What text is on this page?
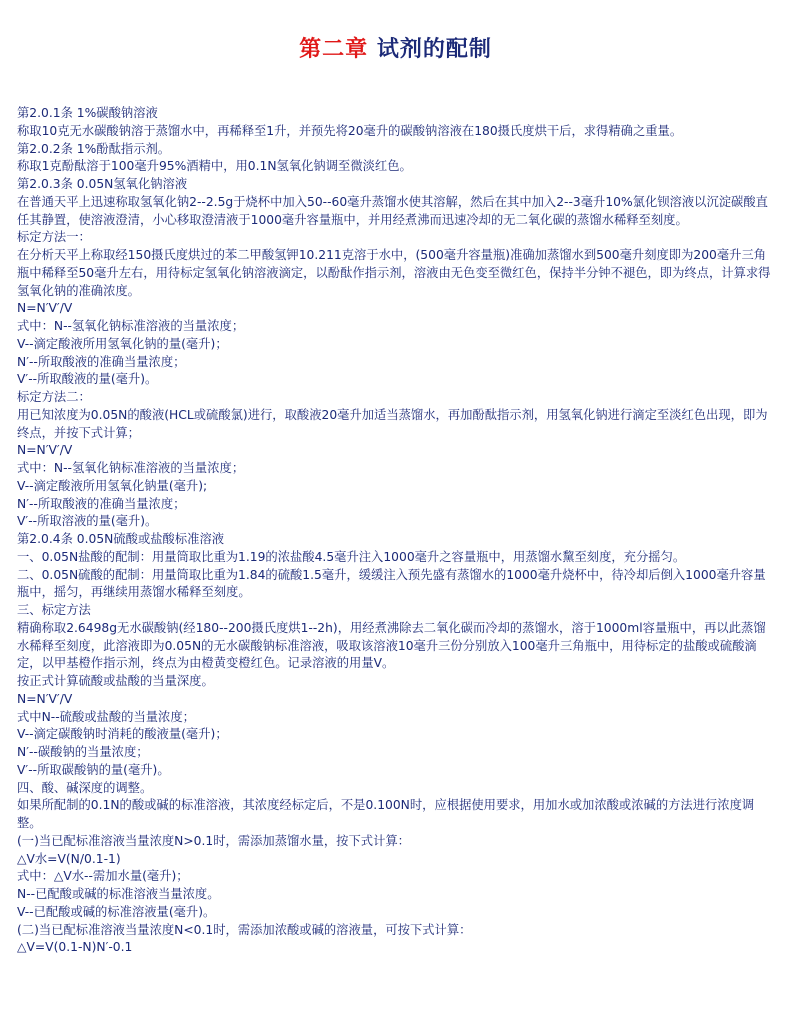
第二章 试剂的配制

第2.0.1条 1%碳酸钠溶液

称取10克无水碳酸钠溶于蒸馏水中，再稀释至1升，并预先将20毫升的碳酸钠溶液在180摄氏度烘干后，求得精确之重量。

第2.0.2条 1%酚酞指示剂。

称取1克酚酞溶于100毫升95%酒精中，用0.1N氢氧化钠调至微淡红色。

第2.0.3条 0.05N氢氧化钠溶液

在普通天平上迅速称取氢氧化钠2--2.5g于烧杯中加入50--60毫升蒸馏水使其溶解，然后在其中加入2--3毫升10%氯化钡溶液以沉淀碳酸直任其静置，使溶液澄清，小心移取澄清液于1000毫升容量瓶中，并用经煮沸而迅速冷却的无二氧化碳的蒸馏水稀释至刻度。

标定方法一：

在分析天平上称取经150摄氏度烘过的苯二甲酸氢钾10.211克溶于水中，(500毫升容量瓶)准确加蒸馏水到500毫升刻度即为200毫升三角瓶中稀释至50毫升左右，用待标定氢氧化钠溶液滴定，以酚酞作指示剂，溶液由无色变至微红色，保持半分钟不褪色，即为终点，计算求得氢氧化钠的准确浓度。

N=N′V′/V

式中：N--氢氧化钠标准溶液的当量浓度；

V--滴定酸液所用氢氧化钠的量(毫升)；

N′--所取酸液的准确当量浓度；

V′--所取酸液的量(毫升)。

标定方法二：

用已知浓度为0.05N的酸液(HCL或硫酸氯)进行，取酸液20毫升加适当蒸馏水，再加酚酞指示剂，用氢氧化钠进行滴定至淡红色出现，即为终点，并按下式计算；

N=N′V′/V

式中：N--氢氧化钠标准溶液的当量浓度；

V--滴定酸液所用氢氧化钠量(毫升);

N′--所取酸液的准确当量浓度；

V′--所取溶液的量(毫升)。

第2.0.4条 0.05N硫酸或盐酸标准溶液

一、0.05N盐酸的配制：用量筒取比重为1.19的浓盐酸4.5毫升注入1000毫升之容量瓶中，用蒸馏水黧至刻度，充分摇匀。

二、0.05N硫酸的配制：用量筒取比重为1.84的硫酸1.5毫升，缓缓注入预先盛有蒸馏水的1000毫升烧杯中，待冷却后倒入1000毫升容量瓶中，摇匀，再继续用蒸馏水稀释至刻度。

三、标定方法

精确称取2.6498g无水碳酸钠(经180--200摄氏度烘1--2h)，用经煮沸除去二氧化碳而冷却的蒸馏水，溶于1000ml容量瓶中，再以此蒸馏水稀释至刻度，此溶液即为0.05N的无水碳酸钠标准溶液，吸取该溶液10毫升三份分别放入100毫升三角瓶中，用待标定的盐酸或硫酸滴定，以甲基橙作指示剂，终点为由橙黄变橙红色。记录溶液的用量V。

按正式计算硫酸或盐酸的当量深度。

N=N′V′/V

式中N--硫酸或盐酸的当量浓度；

V--滴定碳酸钠时消耗的酸液量(毫升)；

N′--碳酸钠的当量浓度；

V′--所取碳酸钠的量(毫升)。

四、酸、碱深度的调整。

如果所配制的0.1N的酸或碱的标准溶液，其浓度经标定后，不是0.100N时，应根据使用要求，用加水或加浓酸或浓碱的方法进行浓度调整。

(一)当已配标准溶液当量浓度N>0.1时，需添加蒸馏水量，按下式计算：

△V水=V(N/0.1-1)

式中：△V水--需加水量(毫升)；

N--已配酸或碱的标准溶液当量浓度。

V--已配酸或碱的标准溶液量(毫升)。

(二)当已配标准溶液当量浓度N<0.1时，需添加浓酸或碱的溶液量，可按下式计算：

△V=V(0.1-N)N′-0.1
